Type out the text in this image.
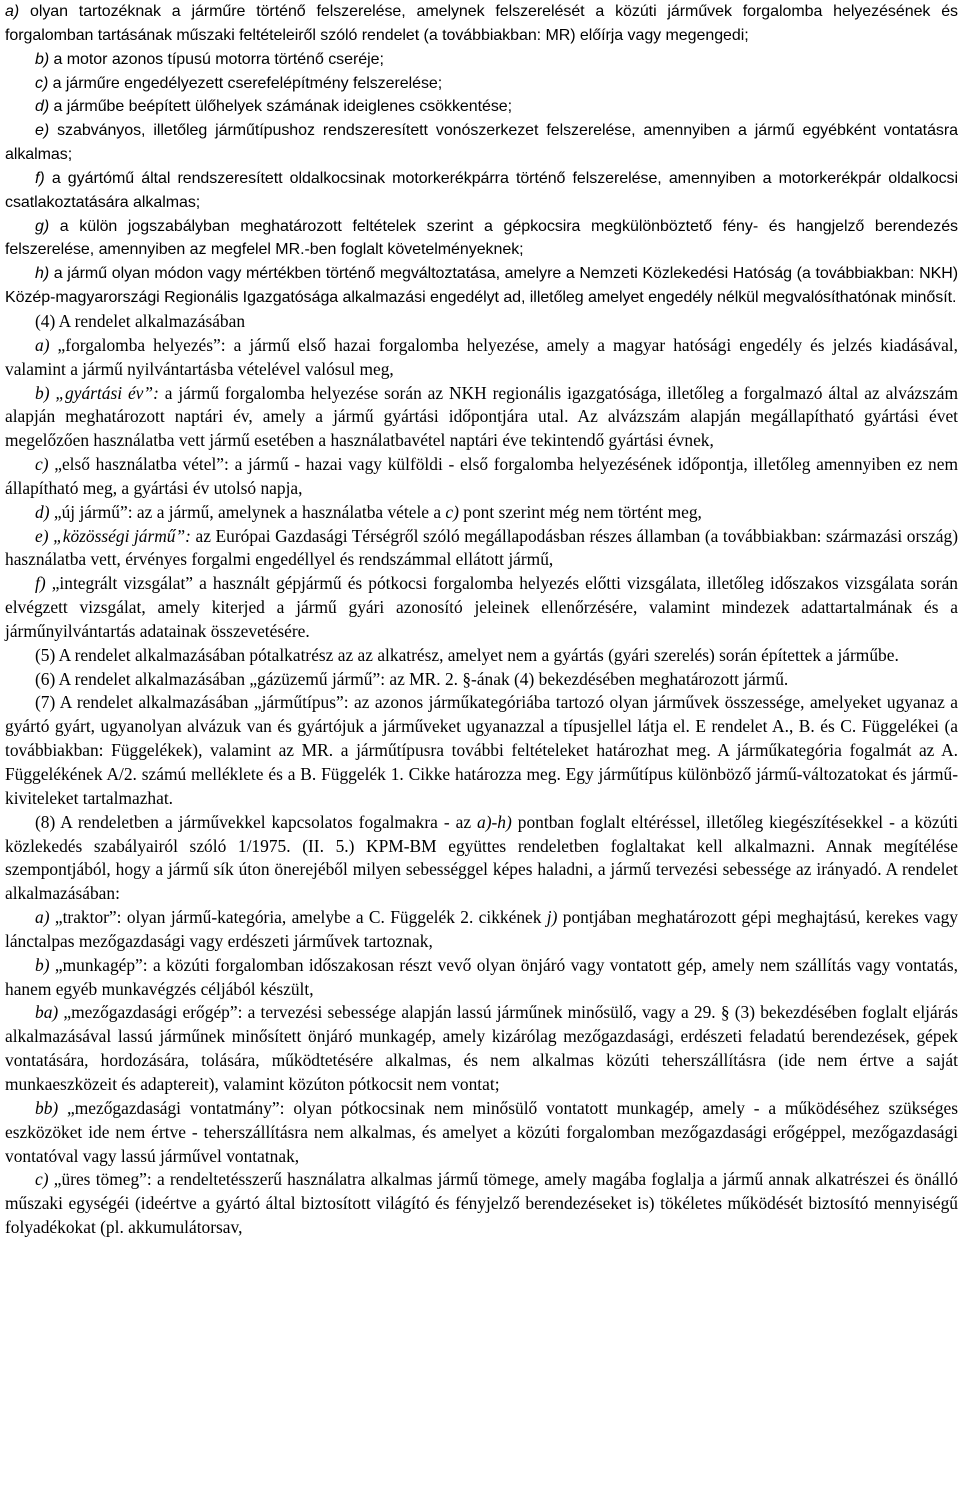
a) olyan tartozéknak a járműre történő felszerelése, amelynek felszerelését a közúti járművek forgalomba helyezésének és forgalomban tartásának műszaki feltételeiről szóló rendelet (a továbbiakban: MR) előírja vagy megengedi;

b) a motor azonos típusú motorra történő cseréje;

c) a járműre engedélyezett cserefelépítmény felszerelése;

d) a járműbe beépített ülőhelyek számának ideiglenes csökkentése;

e) szabványos, illetőleg járműtípushoz rendszeresített vonószerkezet felszerelése, amennyiben a jármű egyébként vontatásra alkalmas;

f) a gyártómű által rendszeresített oldalkocsinak motorkerékpárra történő felszerelése, amennyiben a motorkerékpár oldalkocsi csatlakoztatására alkalmas;

g) a külön jogszabályban meghatározott feltételek szerint a gépkocsira megkülönböztető fény- és hangjelző berendezés felszerelése, amennyiben az megfelel MR.-ben foglalt követelményeknek;

h) a jármű olyan módon vagy mértékben történő megváltoztatása, amelyre a Nemzeti Közlekedési Hatóság (a továbbiakban: NKH) Közép-magyarországi Regionális Igazgatósága alkalmazási engedélyt ad, illetőleg amelyet engedély nélkül megvalósíthatónak minősít.

(4) A rendelet alkalmazásában

a) „forgalomba helyezés”: a jármű első hazai forgalomba helyezése, amely a magyar hatósági engedély és jelzés kiadásával, valamint a jármű nyilvántartásba vételével valósul meg,

b) „gyártási év”: a jármű forgalomba helyezése során az NKH regionális igazgatósága, illetőleg a forgalmazó által az alvázszám alapján meghatározott naptári év, amely a jármű gyártási időpontjára utal. Az alvázszám alapján megállapítható gyártási évet megelőzően használatba vett jármű esetében a használatbavétel naptári éve tekintendő gyártási évnek,

c) „első használatba vétel”: a jármű - hazai vagy külföldi - első forgalomba helyezésének időpontja, illetőleg amennyiben ez nem állapítható meg, a gyártási év utolsó napja,

d) „új jármű”: az a jármű, amelynek a használatba vétele a c) pont szerint még nem történt meg,

e) „közösségi jármű”: az Európai Gazdasági Térségről szóló megállapodásban részes államban (a továbbiakban: származási ország) használatba vett, érvényes forgalmi engedéllyel és rendszámmal ellátott jármű,

f) „integrált vizsgálat” a használt gépjármű és pótkocsi forgalomba helyezés előtti vizsgálata, illetőleg időszakos vizsgálata során elvégzett vizsgálat, amely kiterjed a jármű gyári azonosító jeleinek ellenőrzésére, valamint mindezek adattartalmának és a járműnyilvántartás adatainak összevetésére.

(5) A rendelet alkalmazásában pótalkatrész az az alkatrész, amelyet nem a gyártás (gyári szerelés) során építettek a járműbe.

(6) A rendelet alkalmazásában „gázüzemű jármű”: az MR. 2. §-ának (4) bekezdésében meghatározott jármű.

(7) A rendelet alkalmazásában „járműtípus”: az azonos járműkategóriába tartozó olyan járművek összessége, amelyeket ugyanaz a gyártó gyárt, ugyanolyan alvázuk van és gyártójuk a járműveket ugyanazzal a típusjellel látja el. E rendelet A., B. és C. Függelékei (a továbbiakban: Függelékek), valamint az MR. a járműtípusra további feltételeket határozhat meg. A járműkategória fogalmát az A. Függelékének A/2. számú melléklete és a B. Függelék 1. Cikke határozza meg. Egy járműtípus különböző jármű-változatokat és jármű-kiviteleket tartalmazhat.

(8) A rendeletben a járművekkel kapcsolatos fogalmakra - az a)-h) pontban foglalt eltéréssel, illetőleg kiegészítésekkel - a közúti közlekedés szabályairól szóló 1/1975. (II. 5.) KPM-BM együttes rendeletben foglaltakat kell alkalmazni. Annak megítélése szempontjából, hogy a jármű sík úton önerejéből milyen sebességgel képes haladni, a jármű tervezési sebessége az irányadó. A rendelet alkalmazásában:

a) „traktor”: olyan jármű-kategória, amelybe a C. Függelék 2. cikkének j) pontjában meghatározott gépi meghajtású, kerekes vagy lánctalpas mezőgazdasági vagy erdészeti járművek tartoznak,

b) „munkagép”: a közúti forgalomban időszakosan részt vevő olyan önjáró vagy vontatott gép, amely nem szállítás vagy vontatás, hanem egyéb munkavégzés céljából készült,

ba) „mezőgazdasági erőgép”: a tervezési sebessége alapján lassú járműnek minősülő, vagy a 29. § (3) bekezdésében foglalt eljárás alkalmazásával lassú járműnek minősített önjáró munkagép, amely kizárólag mezőgazdasági, erdészeti feladatú berendezések, gépek vontatására, hordozására, tolására, működtetésére alkalmas, és nem alkalmas közúti teherszállításra (ide nem értve a saját munkaeszközeit és adaptereit), valamint közúton pótkocsit nem vontat;

bb) „mezőgazdasági vontatmány”: olyan pótkocsinak nem minősülő vontatott munkagép, amely - a működéséhez szükséges eszközöket ide nem értve - teherszállításra nem alkalmas, és amelyet a közúti forgalomban mezőgazdasági erőgéppel, mezőgazdasági vontatóval vagy lassú járművel vontatnak,

c) „üres tömeg”: a rendeltetésszerű használatra alkalmas jármű tömege, amely magába foglalja a jármű annak alkatrészei és önálló műszaki egységéi (ideértve a gyártó által biztosított világító és fényjelző berendezéseket is) tökéletes működését biztosító mennyiségű folyadékokat (pl. akkumulátorsav,
